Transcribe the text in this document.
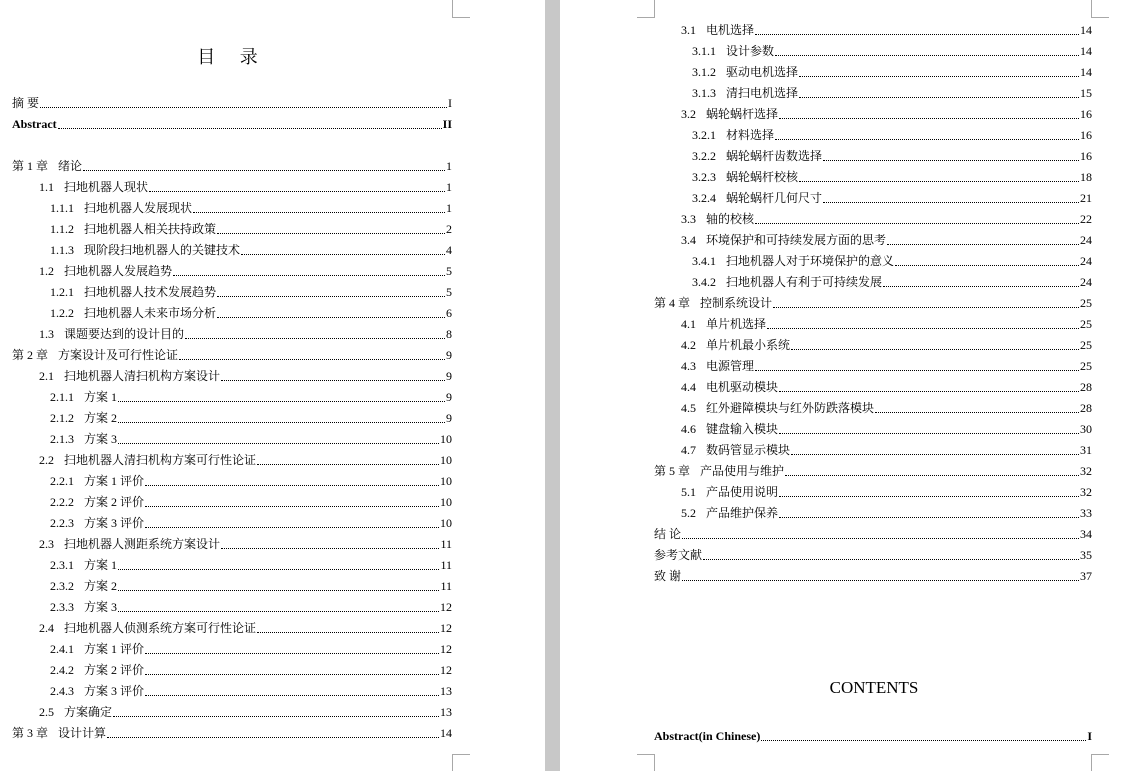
目 录
摘 要	I
Abstract	II
第 1 章 绪论	1
1.1 扫地机器人现状	1
1.1.1 扫地机器人发展现状	1
1.1.2 扫地机器人相关扶持政策	2
1.1.3 现阶段扫地机器人的关键技术	4
1.2 扫地机器人发展趋势	5
1.2.1 扫地机器人技术发展趋势	5
1.2.2 扫地机器人未来市场分析	6
1.3 课题要达到的设计目的	8
第 2 章 方案设计及可行性论证	9
2.1 扫地机器人清扫机构方案设计	9
2.1.1 方案 1	9
2.1.2 方案 2	9
2.1.3 方案 3	10
2.2 扫地机器人清扫机构方案可行性论证	10
2.2.1 方案 1 评价	10
2.2.2 方案 2 评价	10
2.2.3 方案 3 评价	10
2.3 扫地机器人测距系统方案设计	11
2.3.1 方案 1	11
2.3.2 方案 2	11
2.3.3 方案 3	12
2.4 扫地机器人侦测系统方案可行性论证	12
2.4.1 方案 1 评价	12
2.4.2 方案 2 评价	12
2.4.3 方案 3 评价	13
2.5 方案确定	13
第 3 章 设计计算	14
3.1 电机选择	14
3.1.1 设计参数	14
3.1.2 驱动电机选择	14
3.1.3 清扫电机选择	15
3.2 蜗轮蜗杆选择	16
3.2.1 材料选择	16
3.2.2 蜗轮蜗杆齿数选择	16
3.2.3 蜗轮蜗杆校核	18
3.2.4 蜗轮蜗杆几何尺寸	21
3.3 轴的校核	22
3.4 环境保护和可持续发展方面的思考	24
3.4.1 扫地机器人对于环境保护的意义	24
3.4.2 扫地机器人有利于可持续发展	24
第 4 章 控制系统设计	25
4.1 单片机选择	25
4.2 单片机最小系统	25
4.3 电源管理	25
4.4 电机驱动模块	28
4.5 红外避障模块与红外防跌落模块	28
4.6 键盘输入模块	30
4.7 数码管显示模块	31
第 5 章 产品使用与维护	32
5.1 产品使用说明	32
5.2 产品维护保养	33
结 论	34
参考文献	35
致 谢	37
CONTENTS
Abstract(in Chinese)	I
